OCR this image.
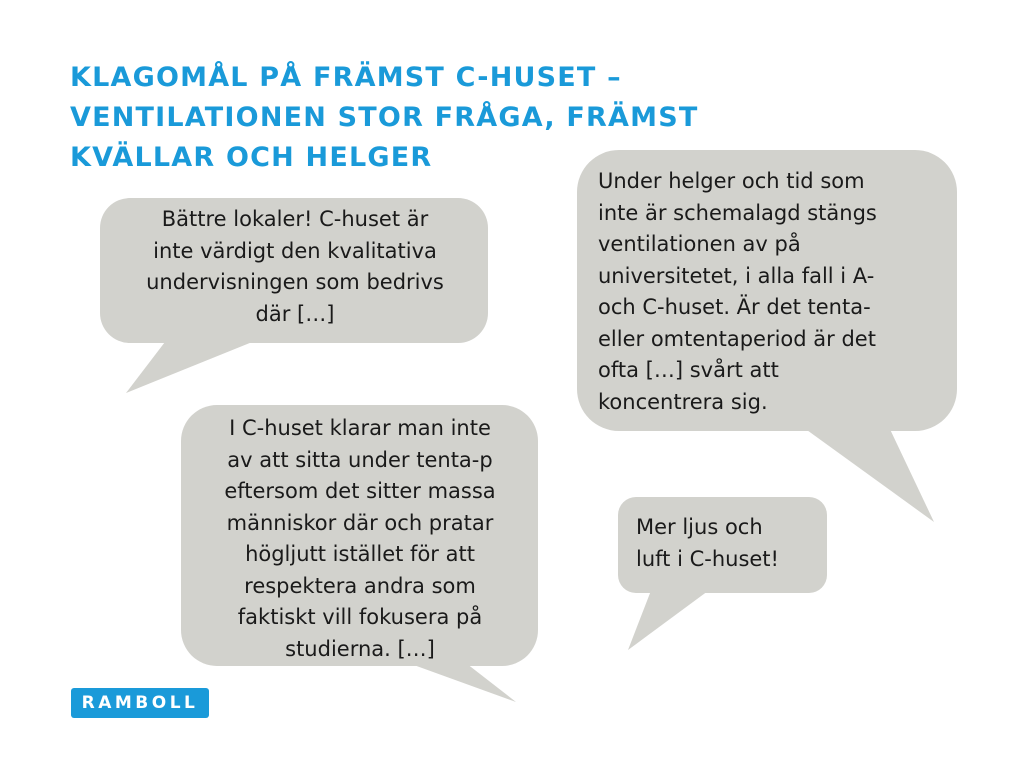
KLAGOMÅL PÅ FRÄMST C-HUSET –
VENTILATIONEN STOR FRÅGA, FRÄMST
KVÄLLAR OCH HELGER
Bättre lokaler! C-huset är
inte värdigt den kvalitativa
undervisningen som bedrivs
där […]
Under helger och tid som
inte är schemalagd stängs
ventilationen av på
universitetet, i alla fall i A-
och C-huset. Är det tenta-
eller omtentaperiod är det
ofta […] svårt att
koncentrera sig.
I C-huset klarar man inte
av att sitta under tenta-p
eftersom det sitter massa
människor där och pratar
högljutt istället för att
respektera andra som
faktiskt vill fokusera på
studierna. […]
Mer ljus och
luft i C-huset!
RAMBOLL
